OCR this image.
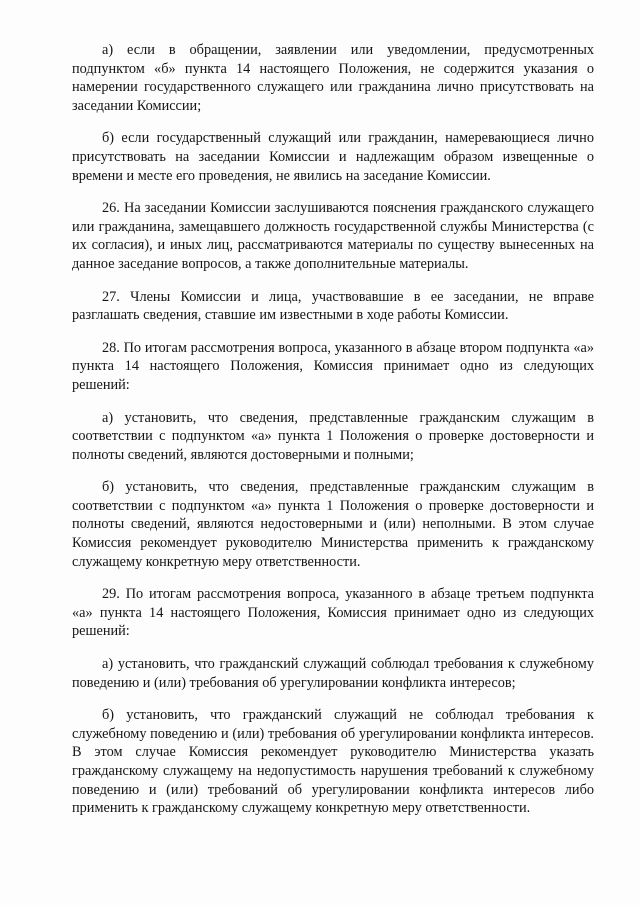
а) если в обращении, заявлении или уведомлении, предусмотренных подпунктом «б» пункта 14 настоящего Положения, не содержится указания о намерении государственного служащего или гражданина лично присутствовать на заседании Комиссии;

б) если государственный служащий или гражданин, намеревающиеся лично присутствовать на заседании Комиссии и надлежащим образом извещенные о времени и месте его проведения, не явились на заседание Комиссии.

26. На заседании Комиссии заслушиваются пояснения гражданского служащего или гражданина, замещавшего должность государственной службы Министерства (с их согласия), и иных лиц, рассматриваются материалы по существу вынесенных на данное заседание вопросов, а также дополнительные материалы.

27. Члены Комиссии и лица, участвовавшие в ее заседании, не вправе разглашать сведения, ставшие им известными в ходе работы Комиссии.

28. По итогам рассмотрения вопроса, указанного в абзаце втором подпункта «а» пункта 14 настоящего Положения, Комиссия принимает одно из следующих решений:

а) установить, что сведения, представленные гражданским служащим в соответствии с подпунктом «а» пункта 1 Положения о проверке достоверности и полноты сведений, являются достоверными и полными;

б) установить, что сведения, представленные гражданским служащим в соответствии с подпунктом «а» пункта 1 Положения о проверке достоверности и полноты сведений, являются недостоверными и (или) неполными. В этом случае Комиссия рекомендует руководителю Министерства применить к гражданскому служащему конкретную меру ответственности.

29. По итогам рассмотрения вопроса, указанного в абзаце третьем подпункта «а» пункта 14 настоящего Положения, Комиссия принимает одно из следующих решений:

а) установить, что гражданский служащий соблюдал требования к служебному поведению и (или) требования об урегулировании конфликта интересов;

б) установить, что гражданский служащий не соблюдал требования к служебному поведению и (или) требования об урегулировании конфликта интересов. В этом случае Комиссия рекомендует руководителю Министерства указать гражданскому служащему на недопустимость нарушения требований к служебному поведению и (или) требований об урегулировании конфликта интересов либо применить к гражданскому служащему конкретную меру ответственности.
